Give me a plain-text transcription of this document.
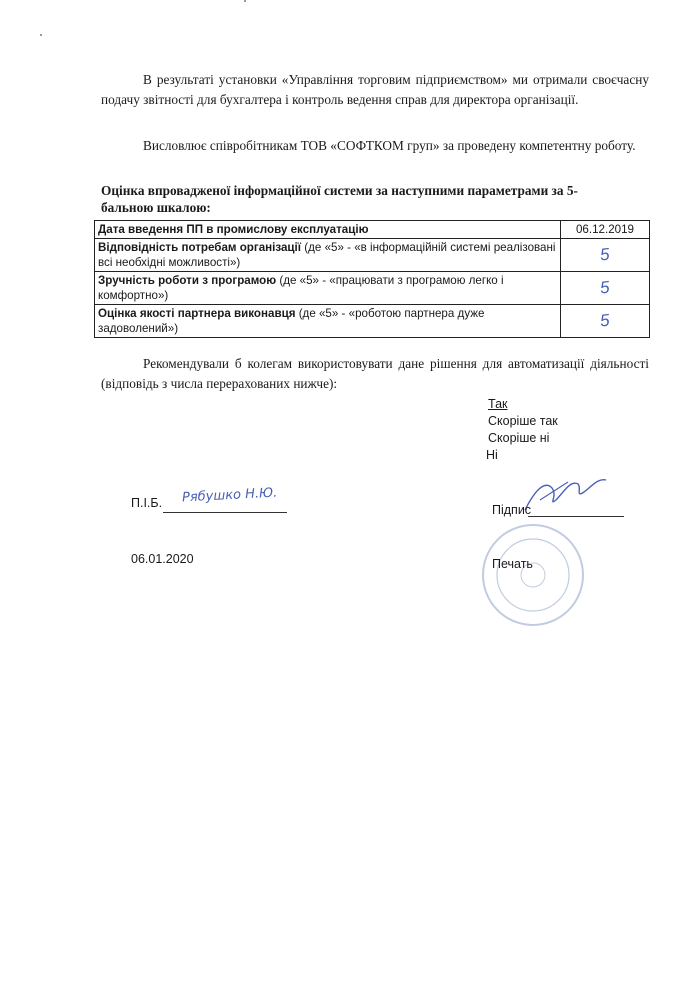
В результаті установки «Управління торговим підприємством» ми отримали своєчасну подачу звітності для бухгалтера і контроль ведення справ для директора організації.

Висловлює співробітникам ТОВ «СОФТКОМ груп» за проведену компетентну роботу.

Оцінка впровадженої інформаційної системи за наступними параметрами за 5-бальною шкалою:

Дата введення ПП в промислову експлуатацію	06.12.2019
Відповідність потребам організації (де «5» - «в інформаційній системі реалізовані всі необхідні можливості»)	5
Зручність роботи з програмою (де «5» - «працювати з програмою легко і комфортно»)	5
Оцінка якості партнера виконавця (де «5» - «роботою партнера дуже задоволений»)	5

Рекомендували б колегам використовувати дане рішення для автоматизації діяльності (відповідь з числа перерахованих нижче):

Так
Скоріше так
Скоріше ні
Ні
П.І.Б. Рябушко Н.Ю.
Підпис
06.01.2020	Печать
